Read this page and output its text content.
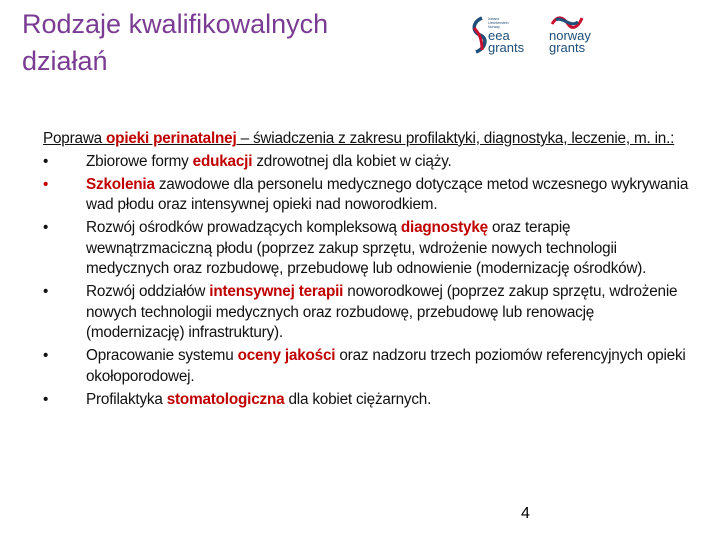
Rodzaje kwalifikowalnych
działań
Iceland
Liechtenstein
Norway
eea
grants
norway
grants
Poprawa opieki perinatalnej – świadczenia z zakresu profilaktyki, diagnostyka, leczenie, m. in.:
• Zbiorowe formy edukacji zdrowotnej dla kobiet w ciąży.
• Szkolenia zawodowe dla personelu medycznego dotyczące metod wczesnego wykrywania wad płodu oraz intensywnej opieki nad noworodkiem.
• Rozwój ośrodków prowadzących kompleksową diagnostykę oraz terapię wewnątrzmaciczną płodu (poprzez zakup sprzętu, wdrożenie nowych technologii medycznych oraz rozbudowę, przebudowę lub odnowienie (modernizację ośrodków).
• Rozwój oddziałów intensywnej terapii noworodkowej (poprzez zakup sprzętu, wdrożenie nowych technologii medycznych oraz rozbudowę, przebudowę lub renowację (modernizację) infrastruktury).
• Opracowanie systemu oceny jakości oraz nadzoru trzech poziomów referencyjnych opieki okołoporodowej.
• Profilaktyka stomatologiczna dla kobiet ciężarnych.
4
